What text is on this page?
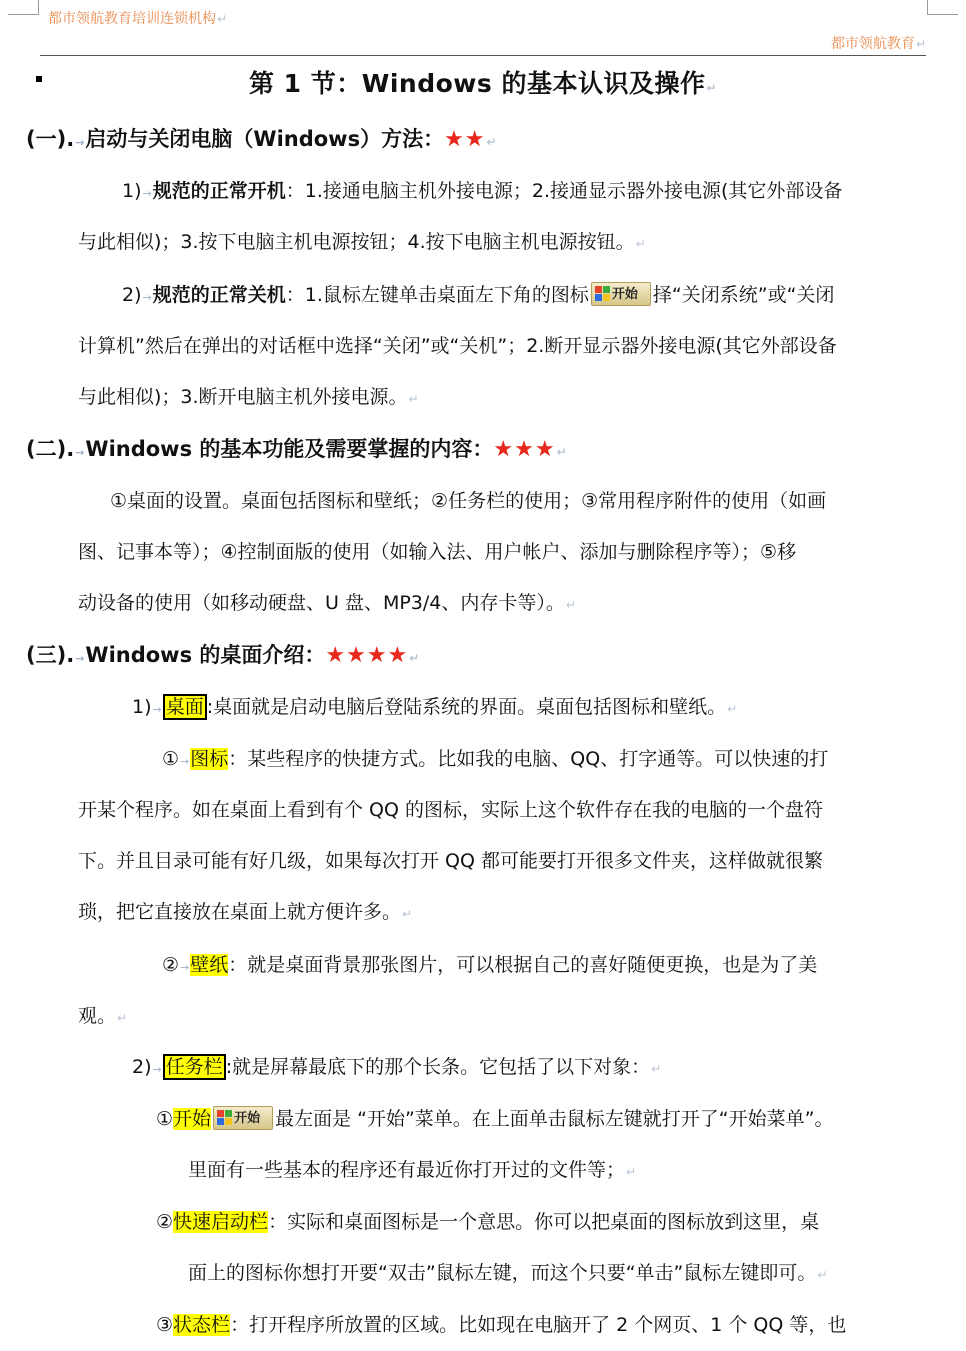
都市领航教育培训连锁机构↵
都市领航教育↵
第 1 节：Windows 的基本认识及操作↵
(一).→启动与关闭电脑（Windows）方法：★★↵
1)→规范的正常开机：1.接通电脑主机外接电源；2.接通显示器外接电源(其它外部设备
与此相似)；3.按下电脑主机电源按钮；4.按下电脑主机电源按钮。↵
2)→规范的正常关机：1.鼠标左键单击桌面左下角的图标 开始 择“关闭系统”或“关闭
计算机”然后在弹出的对话框中选择“关闭”或“关机”；2.断开显示器外接电源(其它外部设备
与此相似)；3.断开电脑主机外接电源。↵
(二).→Windows 的基本功能及需要掌握的内容：★★★↵
①桌面的设置。桌面包括图标和壁纸；②任务栏的使用；③常用程序附件的使用（如画
图、记事本等）；④控制面版的使用（如输入法、用户帐户、添加与删除程序等）；⑤移
动设备的使用（如移动硬盘、U 盘、MP3/4、内存卡等）。↵
(三).→Windows 的桌面介绍：★★★★↵
1)→ 桌面 :桌面就是启动电脑后登陆系统的界面。桌面包括图标和壁纸。↵
①→图标：某些程序的快捷方式。比如我的电脑、QQ、打字通等。可以快速的打
开某个程序。如在桌面上看到有个 QQ 的图标，实际上这个软件存在我的电脑的一个盘符
下。并且目录可能有好几级，如果每次打开 QQ 都可能要打开很多文件夹，这样做就很繁
琐，把它直接放在桌面上就方便许多。↵
②→壁纸：就是桌面背景那张图片，可以根据自己的喜好随便更换，也是为了美
观。↵
2)→ 任务栏 :就是屏幕最底下的那个长条。它包括了以下对象：↵
①开始 开始 最左面是 “开始”菜单。在上面单击鼠标左键就打开了“开始菜单”。
里面有一些基本的程序还有最近你打开过的文件等；↵
②快速启动栏：实际和桌面图标是一个意思。你可以把桌面的图标放到这里，桌
面上的图标你想打开要“双击”鼠标左键，而这个只要“单击”鼠标左键即可。↵
③状态栏：打开程序所放置的区域。比如现在电脑开了 2 个网页、1 个 QQ 等，也
